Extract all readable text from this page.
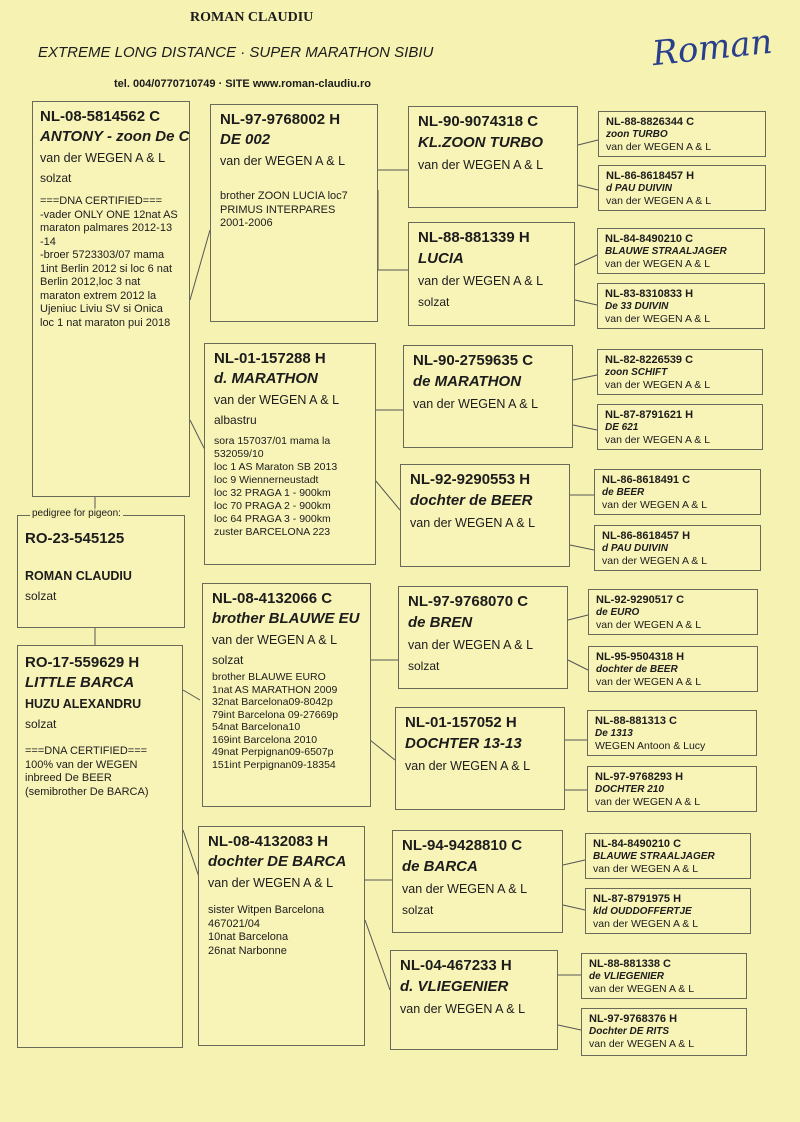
ROMAN CLAUDIU
EXTREME LONG DISTANCE · SUPER MARATHON SIBIU
tel. 004/0770710749 · SITE www.roman-claudiu.ro
Roman
NL-08-5814562 C
ANTONY - zoon De C
van der WEGEN A & L
solzat
===DNA CERTIFIED===
-vader ONLY ONE 12nat AS
maraton palmares 2012-13
-14
-broer 5723303/07 mama
1int Berlin 2012 si loc 6 nat
Berlin 2012,loc 3 nat
maraton extrem 2012 la
Ujeniuc Liviu SV si Onica
loc 1 nat maraton pui 2018
pedigree for pigeon:
RO-23-545125
ROMAN CLAUDIU
solzat
RO-17-559629 H
LITTLE BARCA
HUZU ALEXANDRU
solzat
===DNA CERTIFIED===
100% van der WEGEN
inbreed De BEER
(semibrother De BARCA)
NL-97-9768002 H
DE 002
van der WEGEN A & L
brother ZOON LUCIA loc7
PRIMUS INTERPARES
2001-2006
NL-01-157288 H
d. MARATHON
van der WEGEN A & L
albastru
sora 157037/01 mama la
532059/10
loc 1 AS Maraton SB 2013
loc 9 Wiennerneustadt
loc 32 PRAGA 1 - 900km
loc 70 PRAGA 2 - 900km
loc 64 PRAGA 3 - 900km
zuster BARCELONA 223
NL-08-4132066 C
brother BLAUWE EU
van der WEGEN A & L
solzat
brother BLAUWE EURO
1nat AS MARATHON 2009
32nat Barcelona09-8042p
79int Barcelona 09-27669p
54nat Barcelona10
169int Barcelona 2010
49nat Perpignan09-6507p
151int Perpignan09-18354
NL-08-4132083 H
dochter DE BARCA
van der WEGEN A & L
sister Witpen Barcelona
467021/04
10nat Barcelona
26nat Narbonne
NL-90-9074318 C
KL.ZOON TURBO
van der WEGEN A & L
NL-88-881339 H
LUCIA
van der WEGEN A & L
solzat
NL-90-2759635 C
de MARATHON
van der WEGEN A & L
NL-92-9290553 H
dochter de BEER
van der WEGEN A & L
NL-97-9768070 C
de BREN
van der WEGEN A & L
solzat
NL-01-157052 H
DOCHTER 13-13
van der WEGEN A & L
NL-94-9428810 C
de BARCA
van der WEGEN A & L
solzat
NL-04-467233 H
d. VLIEGENIER
van der WEGEN A & L
NL-88-8826344 C
zoon TURBO
van der WEGEN A & L
NL-86-8618457 H
d PAU DUIVIN
van der WEGEN A & L
NL-84-8490210 C
BLAUWE STRAALJAGER
van der WEGEN A & L
NL-83-8310833 H
De 33 DUIVIN
van der WEGEN A & L
NL-82-8226539 C
zoon SCHIFT
van der WEGEN A & L
NL-87-8791621 H
DE 621
van der WEGEN A & L
NL-86-8618491 C
de BEER
van der WEGEN A & L
NL-86-8618457 H
d PAU DUIVIN
van der WEGEN A & L
NL-92-9290517 C
de EURO
van der WEGEN A & L
NL-95-9504318 H
dochter de BEER
van der WEGEN A & L
NL-88-881313 C
De 1313
WEGEN Antoon & Lucy
NL-97-9768293 H
DOCHTER 210
van der WEGEN A & L
NL-84-8490210 C
BLAUWE STRAALJAGER
van der WEGEN A & L
NL-87-8791975 H
kld OUDDOFFERTJE
van der WEGEN A & L
NL-88-881338 C
de VLIEGENIER
van der WEGEN A & L
NL-97-9768376 H
Dochter DE RITS
van der WEGEN A & L
